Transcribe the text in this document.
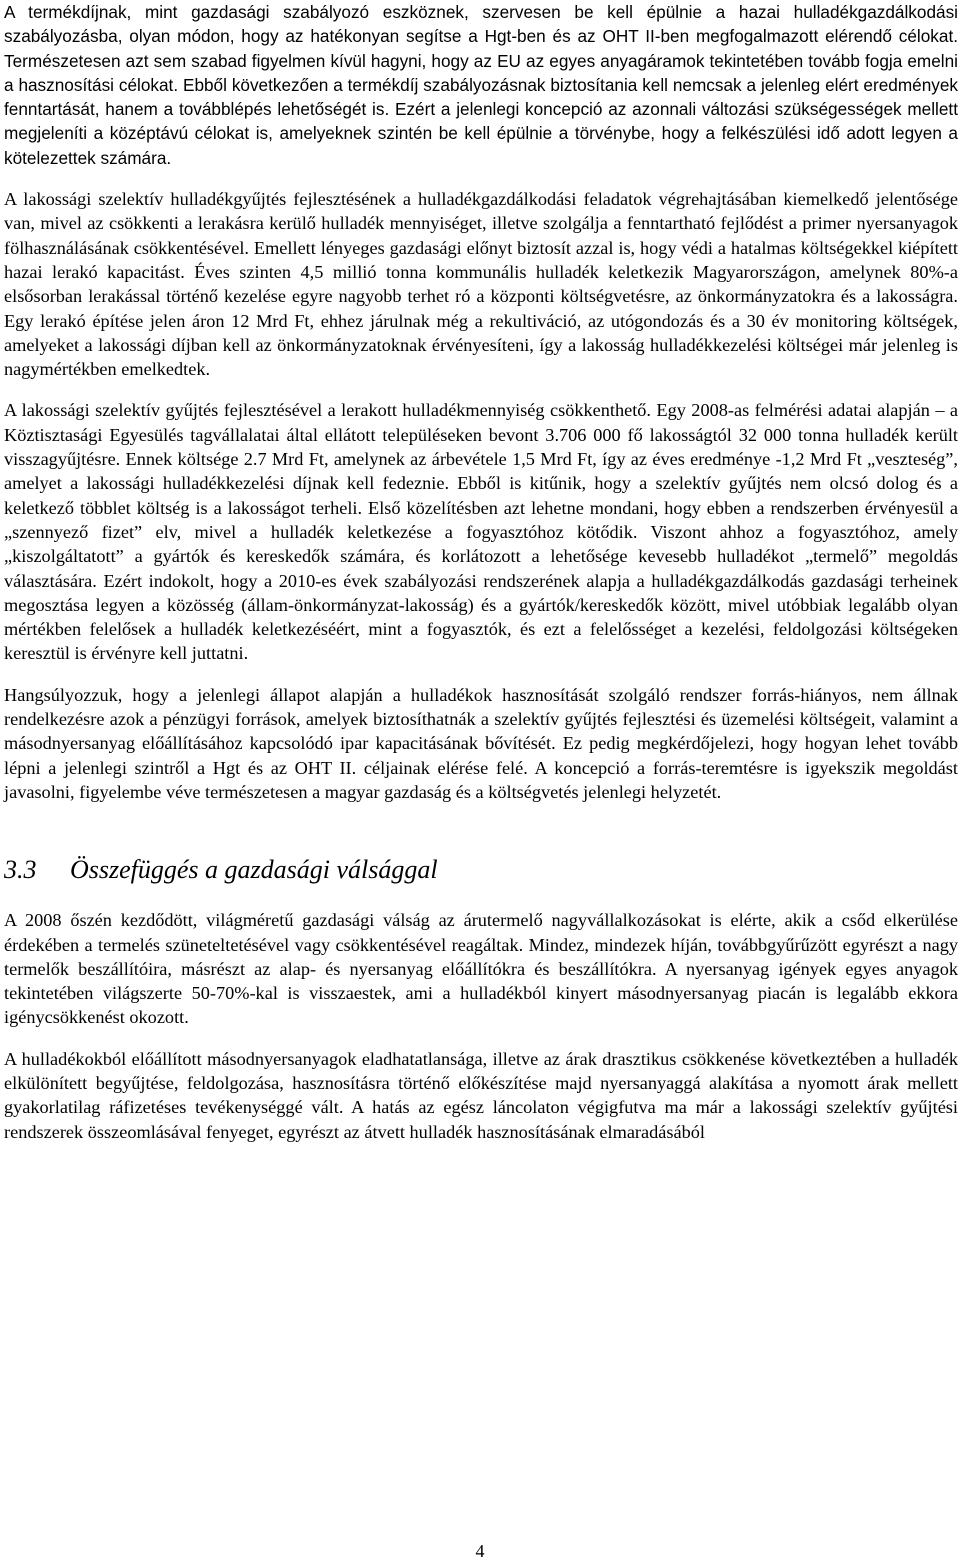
A termékdíjnak, mint gazdasági szabályozó eszköznek, szervesen be kell épülnie a hazai hulladékgazdálkodási szabályozásba, olyan módon, hogy az hatékonyan segítse a Hgt-ben és az OHT II-ben megfogalmazott elérendő célokat. Természetesen azt sem szabad figyelmen kívül hagyni, hogy az EU az egyes anyagáramok tekintetében tovább fogja emelni a hasznosítási célokat. Ebből következően a termékdíj szabályozásnak biztosítania kell nemcsak a jelenleg elért eredmények fenntartását, hanem a továbblépés lehetőségét is. Ezért a jelenlegi koncepció az azonnali változási szükségességek mellett megjeleníti a középtávú célokat is, amelyeknek szintén be kell épülnie a törvénybe, hogy a felkészülési idő adott legyen a kötelezettek számára.

A lakossági szelektív hulladékgyűjtés fejlesztésének a hulladékgazdálkodási feladatok végrehajtásában kiemelkedő jelentősége van, mivel az csökkenti a lerakásra kerülő hulladék mennyiséget, illetve szolgálja a fenntartható fejlődést a primer nyersanyagok fölhasználásának csökkentésével. Emellett lényeges gazdasági előnyt biztosít azzal is, hogy védi a hatalmas költségekkel kiépített hazai lerakó kapacitást. Éves szinten 4,5 millió tonna kommunális hulladék keletkezik Magyarországon, amelynek 80%-a elsősorban lerakással történő kezelése egyre nagyobb terhet ró a központi költségvetésre, az önkormányzatokra és a lakosságra. Egy lerakó építése jelen áron 12 Mrd Ft, ehhez járulnak még a rekultiváció, az utógondozás és a 30 év monitoring költségek, amelyeket a lakossági díjban kell az önkormányzatoknak érvényesíteni, így a lakosság hulladékkezelési költségei már jelenleg is nagymértékben emelkedtek.

A lakossági szelektív gyűjtés fejlesztésével a lerakott hulladékmennyiség csökkenthető. Egy 2008-as felmérési adatai alapján – a Köztisztasági Egyesülés tagvállalatai által ellátott településeken bevont 3.706 000 fő lakosságtól 32 000 tonna hulladék került visszagyűjtésre. Ennek költsége 2.7 Mrd Ft, amelynek az árbevétele 1,5 Mrd Ft, így az éves eredménye -1,2 Mrd Ft „veszteség”, amelyet a lakossági hulladékkezelési díjnak kell fedeznie. Ebből is kitűnik, hogy a szelektív gyűjtés nem olcsó dolog és a keletkező többlet költség is a lakosságot terheli. Első közelítésben azt lehetne mondani, hogy ebben a rendszerben érvényesül a „szennyező fizet” elv, mivel a hulladék keletkezése a fogyasztóhoz kötődik. Viszont ahhoz a fogyasztóhoz, amely „kiszolgáltatott” a gyártók és kereskedők számára, és korlátozott a lehetősége kevesebb hulladékot „termelő” megoldás választására. Ezért indokolt, hogy a 2010-es évek szabályozási rendszerének alapja a hulladékgazdálkodás gazdasági terheinek megosztása legyen a közösség (állam-önkormányzat-lakosság) és a gyártók/kereskedők között, mivel utóbbiak legalább olyan mértékben felelősek a hulladék keletkezéséért, mint a fogyasztók, és ezt a felelősséget a kezelési, feldolgozási költségeken keresztül is érvényre kell juttatni.

Hangsúlyozzuk, hogy a jelenlegi állapot alapján a hulladékok hasznosítását szolgáló rendszer forrás-hiányos, nem állnak rendelkezésre azok a pénzügyi források, amelyek biztosíthatnák a szelektív gyűjtés fejlesztési és üzemelési költségeit, valamint a másodnyersanyag előállításához kapcsolódó ipar kapacitásának bővítését. Ez pedig megkérdőjelezi, hogy hogyan lehet tovább lépni a jelenlegi szintről a Hgt és az OHT II. céljainak elérése felé. A koncepció a forrás-teremtésre is igyekszik megoldást javasolni, figyelembe véve természetesen a magyar gazdaság és a költségvetés jelenlegi helyzetét.

3.3	Összefüggés a gazdasági válsággal

A 2008 őszén kezdődött, világméretű gazdasági válság az árutermelő nagyvállalkozásokat is elérte, akik a csőd elkerülése érdekében a termelés szüneteltetésével vagy csökkentésével reagáltak. Mindez, mindezek híján, továbbgyűrűzött egyrészt a nagy termelők beszállítóira, másrészt az alap- és nyersanyag előállítókra és beszállítókra. A nyersanyag igények egyes anyagok tekintetében világszerte 50-70%-kal is visszaestek, ami a hulladékból kinyert másodnyersanyag piacán is legalább ekkora igénycsökkenést okozott.

A hulladékokból előállított másodnyersanyagok eladhatatlansága, illetve az árak drasztikus csökkenése következtében a hulladék elkülönített begyűjtése, feldolgozása, hasznosításra történő előkészítése majd nyersanyaggá alakítása a nyomott árak mellett gyakorlatilag ráfizetéses tevékenységgé vált. A hatás az egész láncolaton végigfutva ma már a lakossági szelektív gyűjtési rendszerek összeomlásával fenyeget, egyrészt az átvett hulladék hasznosításának elmaradásából

4
